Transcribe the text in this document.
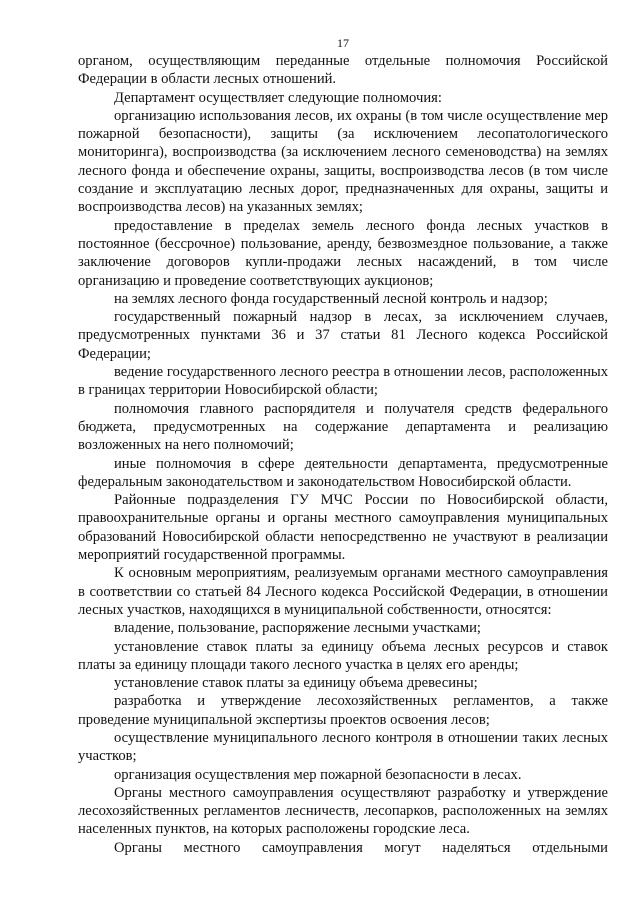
17

органом, осуществляющим переданные отдельные полномочия Российской Федерации в области лесных отношений.

Департамент осуществляет следующие полномочия:

организацию использования лесов, их охраны (в том числе осуществление мер пожарной безопасности), защиты (за исключением лесопатологического мониторинга), воспроизводства (за исключением лесного семеноводства) на землях лесного фонда и обеспечение охраны, защиты, воспроизводства лесов (в том числе создание и эксплуатацию лесных дорог, предназначенных для охраны, защиты и воспроизводства лесов) на указанных землях;

предоставление в пределах земель лесного фонда лесных участков в постоянное (бессрочное) пользование, аренду, безвозмездное пользование, а также заключение договоров купли-продажи лесных насаждений, в том числе организацию и проведение соответствующих аукционов;

на землях лесного фонда государственный лесной контроль и надзор;

государственный пожарный надзор в лесах, за исключением случаев, предусмотренных пунктами 36 и 37 статьи 81 Лесного кодекса Российской Федерации;

ведение государственного лесного реестра в отношении лесов, расположенных в границах территории Новосибирской области;

полномочия главного распорядителя и получателя средств федерального бюджета, предусмотренных на содержание департамента и реализацию возложенных на него полномочий;

иные полномочия в сфере деятельности департамента, предусмотренные федеральным законодательством и законодательством Новосибирской области.

Районные подразделения ГУ МЧС России по Новосибирской области, правоохранительные органы и органы местного самоуправления муниципальных образований Новосибирской области непосредственно не участвуют в реализации мероприятий государственной программы.

К основным мероприятиям, реализуемым органами местного самоуправления в соответствии со статьей 84 Лесного кодекса Российской Федерации, в отношении лесных участков, находящихся в муниципальной собственности, относятся:

владение, пользование, распоряжение лесными участками;

установление ставок платы за единицу объема лесных ресурсов и ставок платы за единицу площади такого лесного участка в целях его аренды;

установление ставок платы за единицу объема древесины;

разработка и утверждение лесохозяйственных регламентов, а также проведение муниципальной экспертизы проектов освоения лесов;

осуществление муниципального лесного контроля в отношении таких лесных участков;

организация осуществления мер пожарной безопасности в лесах.

Органы местного самоуправления осуществляют разработку и утверждение лесохозяйственных регламентов лесничеств, лесопарков, расположенных на землях населенных пунктов, на которых расположены городские леса.

Органы местного самоуправления могут наделяться отдельными
